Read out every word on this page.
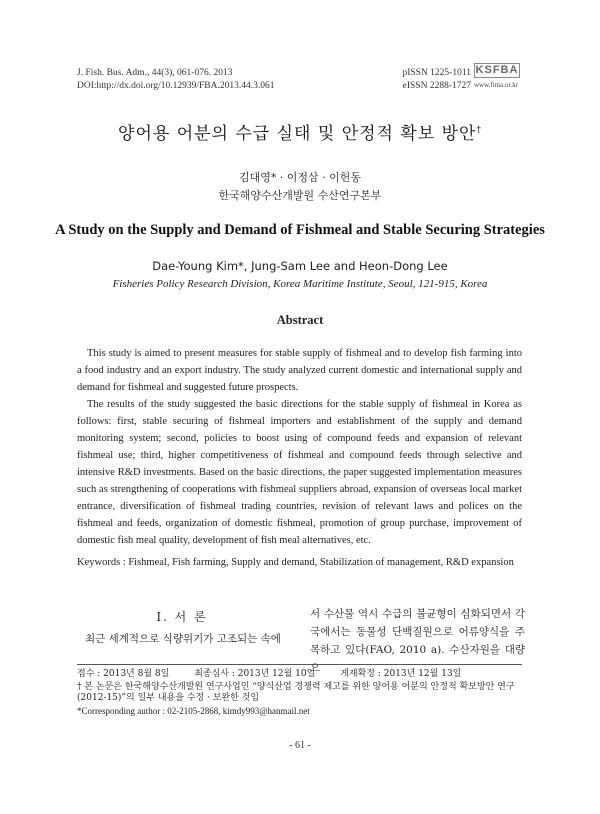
J. Fish. Bus. Adm., 44(3), 061-076. 2013
DOI:http://dx.doi.org/10.12939/FBA.2013.44.3.061
pISSN 1225-1011
eISSN 2288-1727
KSFBA
www.fima.or.kr
양어용 어분의 수급 실태 및 안정적 확보 방안†
김대영* · 이정삼 · 이헌동
한국해양수산개발원 수산연구본부
A Study on the Supply and Demand of Fishmeal and Stable Securing Strategies
Dae-Young Kim*, Jung-Sam Lee and Heon-Dong Lee
Fisheries Policy Research Division, Korea Maritime Institute, Seoul, 121-915, Korea
Abstract

This study is aimed to present measures for stable supply of fishmeal and to develop fish farming into a food industry and an export industry. The study analyzed current domestic and international supply and demand for fishmeal and suggested future prospects.

The results of the study suggested the basic directions for the stable supply of fishmeal in Korea as follows: first, stable securing of fishmeal importers and establishment of the supply and demand monitoring system; second, policies to boost using of compound feeds and expansion of relevant fishmeal use; third, higher competitiveness of fishmeal and compound feeds through selective and intensive R&D investments. Based on the basic directions, the paper suggested implementation measures such as strengthening of cooperations with fishmeal suppliers abroad, expansion of overseas local market entrance, diversification of fishmeal trading countries, revision of relevant laws and polices on the fishmeal and feeds, organization of domestic fishmeal, promotion of group purchase, improvement of domestic fish meal quality, development of fish meal alternatives, etc.

Keywords : Fishmeal, Fish farming, Supply and demand, Stabilization of management, R&D expansion
Ⅰ. 서 론
최근 세계적으로 식량위기가 고조되는 속에
서 수산물 역시 수급의 불균형이 심화되면서 각국에서는 동물성 단백질원으로 어류양식을 주목하고 있다(FAO, 2010 a). 수산자원을 대량으
접수 : 2013년 8월 8일	최종심사 : 2013년 12월 10일	게재확정 : 2013년 12월 13일
† 본 논문은 한국해양수산개발원 연구사업인 “양식산업 경쟁력 제고를 위한 양어용 어분의 안정적 확보방안 연구(2012-15)”의 일부 내용을 수정 · 보완한 것임
*Corresponding author : 02-2105-2868, kimdy993@hanmail.net
- 61 -
